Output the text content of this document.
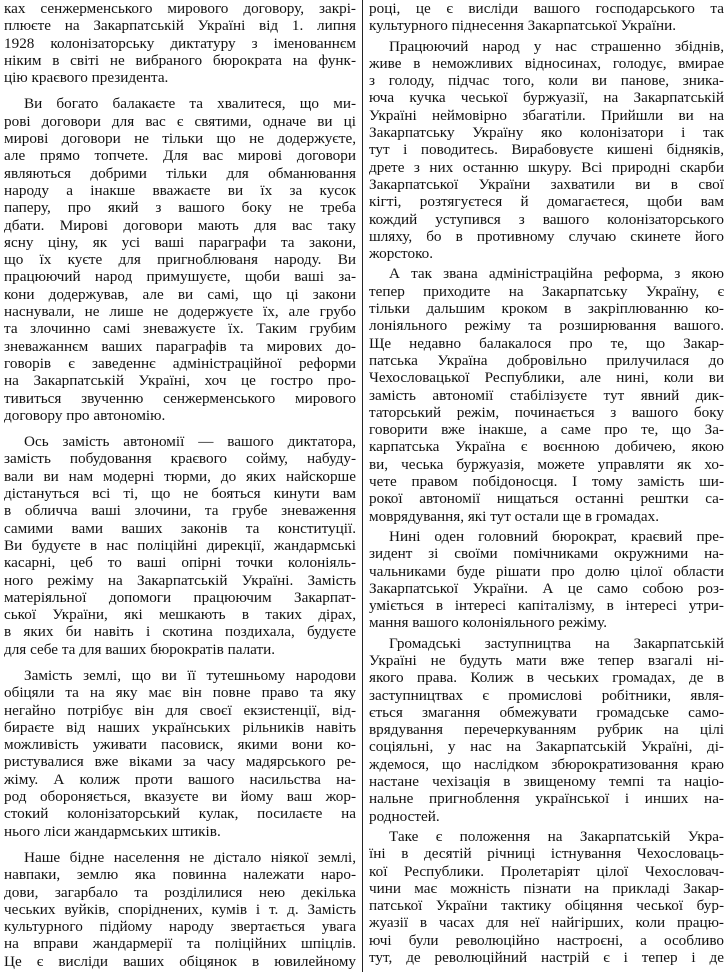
ках сенжерменського мирового договору, закрі-
плюєте на Закарпатській Україні від 1. липня
1928 колонізаторську диктатуру з іменованнєм
ніким в світі не вибраного бюрократа на функ-
цію краєвого президента.
Ви богато балакаєте та хвалитеся, що ми-
рові договори для вас є святими, одначе ви ці
мирові договори не тільки що не додержуєте,
але прямо топчете. Для вас мирові договори
являються добрими тільки для обманювання
народу а інакше вважаєте ви їх за кусок
паперу, про який з вашого боку не треба
дбати. Мирові договори мають для вас таку
ясну ціну, як усі ваші параграфи та закони,
що їх куєте для пригноблюваня народу. Ви
працюючий народ примушуєте, щоби ваші за-
кони додержував, але ви самі, що ці закони
наснували, не лише не додержуєте їх, але грубо
та злочинно самі зневажуєте їх. Таким грубим
зневажаннєм ваших параграфів та мирових до-
говорів є заведеннє адміністраційної реформи
на Закарпатській Україні, хоч це гостро про-
тивиться звученню сенжерменського мирового
договору про автономію.
Ось замість автономії — вашого диктатора,
замість побудовання краєвого сойму, набуду-
вали ви нам модерні тюрми, до яких найскорше
дістануться всі ті, що не бояться кинути вам
в обличча ваші злочини, та грубе зневаження
самими вами ваших законів та конституції.
Ви будуєте в нас поліційні дирекції, жандармські
касарні, цеб то ваші опірні точки колоніяль-
ного режіму на Закарпатській Україні. Замість
матеріяльної допомоги працюючим Закарпат-
ської України, які мешкають в таких дірах,
в яких би навіть і скотина поздихала, будуєте
для себе та для ваших бюрократів палати.
Замість землі, що ви її тутешньому народови
обіцяли та на яку має він повне право та яку
негайно потрібує він для своєї екзистенції, від-
бираєте від наших українських рільників навіть
можливість уживати пасовиск, якими вони ко-
ристувалися вже віками за часу мадярського ре-
жіму. А колиж проти вашого насильства на-
род обороняється, вказуєте ви йому ваш жор-
стокий колонізаторський кулак, посилаєте на
нього ліси жандармських штиків.
Наше бідне населення не дістало ніякої землі,
навпаки, землю яка повинна належати наро-
дови, загарбало та розділилися нею декілька
чеських вуйків, споріднених, кумів і т. д. Замість
культурного підйому народу звертається увага
на вправи жандармерії та поліційних шпіцлів.
Це є висліди ваших обіцянок в ювилейному
році, це є висліди вашого господарського та
культурного піднесення Закарпатської України.
Працюючий народ у нас страшенно збіднів,
живе в неможливих відносинах, голодує, вмирае
з голоду, підчас того, коли ви панове, зника-
юча кучка чеської буржуазії, на Закарпатській
Україні неймовірно збагатіли. Прийшли ви на
Закарпатську Україну яко колонізатори і так
тут і поводитесь. Вирабовуєте кишені бідняків,
дрете з них останню шкуру. Всі природні скарби
Закарпатської України захватили ви в свої
кігті, розтягуєтеся й домагаєтеся, щоби вам
кождий уступився з вашого колонізаторського
шляху, бо в противному случаю скинете його
жорстоко.
А так звана адміністраційна реформа, з якою
тепер приходите на Закарпатську Україну, є
тільки дальшим кроком в закріплюванню ко-
лоніяльного режіму та розширювання вашого.
Ще недавно балакалося про те, що Закар-
патська Україна добровільно прилучилася до
Чехословацької Республики, але нині, коли ви
замість автономії стабілізуєте тут явний дик-
таторський режім, починається з вашого боку
говорити вже інакше, а саме про те, що За-
карпатська Україна є воєнною добичею, якою
ви, чеська буржуазія, можете управляти як хо-
чете правом побідоносця. І тому замість ши-
рокої автономії нищаться останні рештки са-
моврядування, які тут остали ще в громадах.
Нині оден головний бюрократ, краєвий пре-
зидент зі своїми помічниками окружними на-
чальниками буде рішати про долю цілої области
Закарпатської України. А це само собою роз-
уміється в інтересі капіталізму, в інтересі утри-
мання вашого колоніяльного режіму.
Громадські заступництва на Закарпатській
Україні не будуть мати вже тепер взагалі ні-
якого права. Колиж в чеських громадах, де в
заступництвах є промислові робітники, явля-
ється змагання обмежувати громадське само-
врядування перечеркуванням рубрик на цілі
соціяльні, у нас на Закарпатській Україні, ді-
ждемося, що наслідком збюрократизовання краю
настане чехізація в звищеному темпі та націо-
нальне пригноблення української і инших на-
родностей.
Таке є положення на Закарпатській Укра-
їні в десятій річниці істнування Чехословаць-
кої Республики. Пролетаріят цілої Чехословач-
чини має можність пізнати на прикладі Закар-
патської України тактику обіцяння чеської бур-
жуазії в часах для неї найгірших, коли працю-
ючі були революційно настроєні, а особливо
тут, де революційний настрій є і тепер і де
